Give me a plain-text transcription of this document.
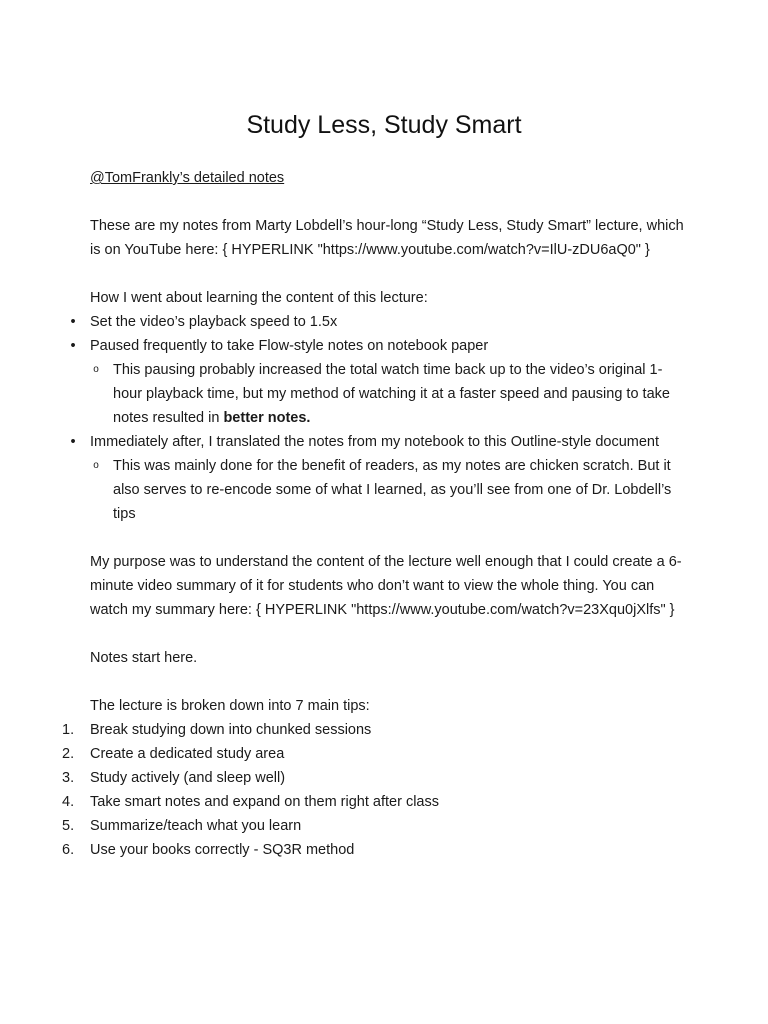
Study Less, Study Smart

@TomFrankly’s detailed notes

These are my notes from Marty Lobdell’s hour-long “Study Less, Study Smart” lecture, which is on YouTube here: { HYPERLINK "https://www.youtube.com/watch?v=IlU-zDU6aQ0" }

How I went about learning the content of this lecture:

• Set the video’s playback speed to 1.5x
• Paused frequently to take Flow-style notes on notebook paper
o This pausing probably increased the total watch time back up to the video’s original 1-hour playback time, but my method of watching it at a faster speed and pausing to take notes resulted in better notes.
• Immediately after, I translated the notes from my notebook to this Outline-style document
o This was mainly done for the benefit of readers, as my notes are chicken scratch. But it also serves to re-encode some of what I learned, as you’ll see from one of Dr. Lobdell’s tips

My purpose was to understand the content of the lecture well enough that I could create a 6-minute video summary of it for students who don’t want to view the whole thing. You can watch my summary here: { HYPERLINK "https://www.youtube.com/watch?v=23Xqu0jXlfs" }

Notes start here.

The lecture is broken down into 7 main tips:

1.	Break studying down into chunked sessions
2.	Create a dedicated study area
3.	Study actively (and sleep well)
4.	Take smart notes and expand on them right after class
5.	Summarize/teach what you learn
6.	Use your books correctly - SQ3R method
